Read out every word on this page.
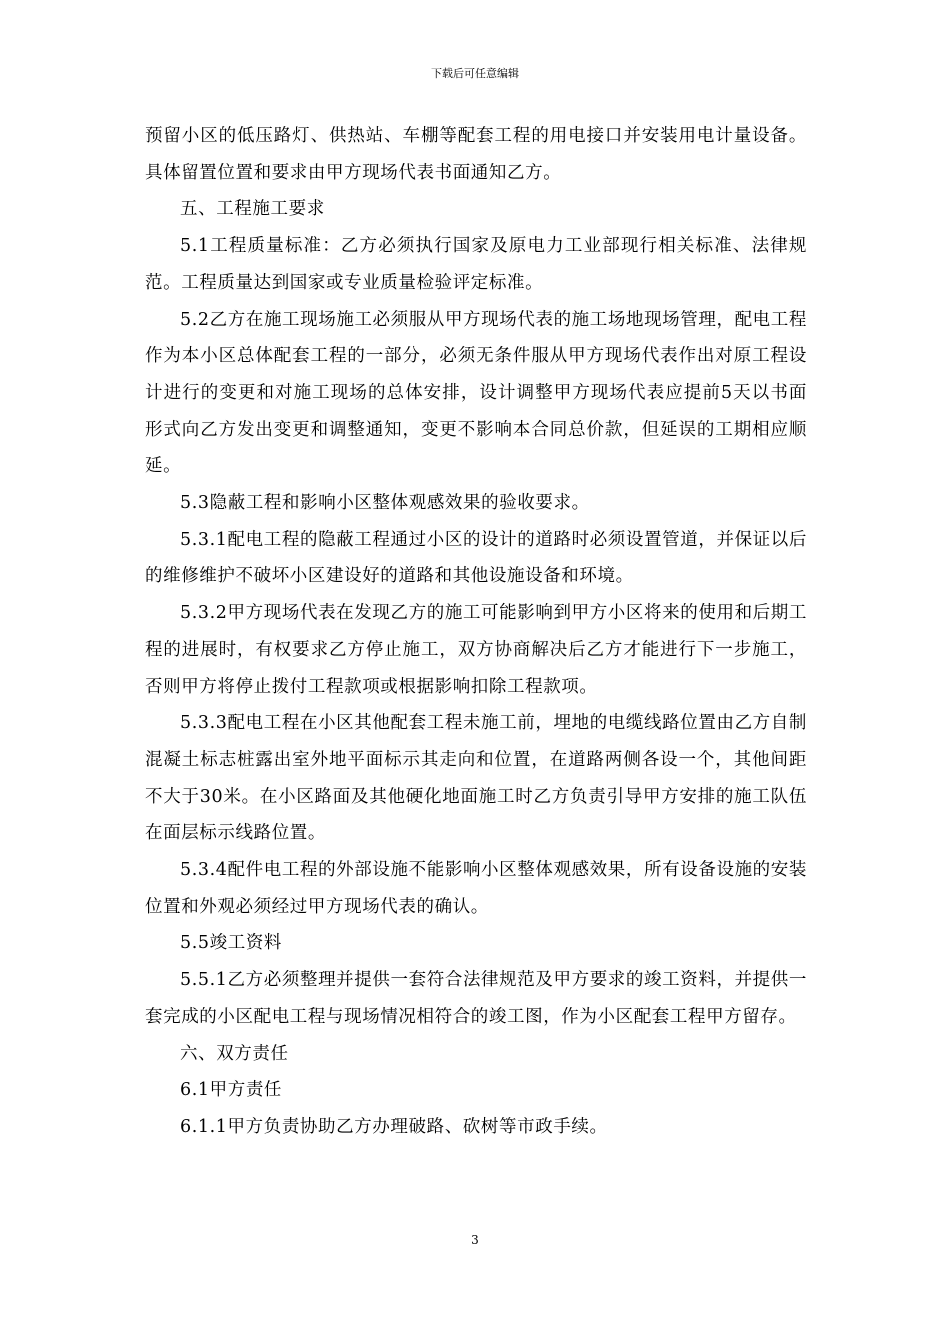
下载后可任意编辑

预留小区的低压路灯、供热站、车棚等配套工程的用电接口并安装用电计量设备。具体留置位置和要求由甲方现场代表书面通知乙方。

五、工程施工要求

5.1工程质量标准：乙方必须执行国家及原电力工业部现行相关标准、法律规范。工程质量达到国家或专业质量检验评定标准。

5.2乙方在施工现场施工必须服从甲方现场代表的施工场地现场管理，配电工程作为本小区总体配套工程的一部分，必须无条件服从甲方现场代表作出对原工程设计进行的变更和对施工现场的总体安排，设计调整甲方现场代表应提前5天以书面形式向乙方发出变更和调整通知，变更不影响本合同总价款，但延误的工期相应顺延。

5.3隐蔽工程和影响小区整体观感效果的验收要求。

5.3.1配电工程的隐蔽工程通过小区的设计的道路时必须设置管道，并保证以后的维修维护不破坏小区建设好的道路和其他设施设备和环境。

5.3.2甲方现场代表在发现乙方的施工可能影响到甲方小区将来的使用和后期工程的进展时，有权要求乙方停止施工，双方协商解决后乙方才能进行下一步施工，否则甲方将停止拨付工程款项或根据影响扣除工程款项。

5.3.3配电工程在小区其他配套工程未施工前，埋地的电缆线路位置由乙方自制混凝土标志桩露出室外地平面标示其走向和位置，在道路两侧各设一个，其他间距不大于30米。在小区路面及其他硬化地面施工时乙方负责引导甲方安排的施工队伍在面层标示线路位置。

5.3.4配件电工程的外部设施不能影响小区整体观感效果，所有设备设施的安装位置和外观必须经过甲方现场代表的确认。

5.5竣工资料

5.5.1乙方必须整理并提供一套符合法律规范及甲方要求的竣工资料，并提供一套完成的小区配电工程与现场情况相符合的竣工图，作为小区配套工程甲方留存。

六、双方责任

6.1甲方责任

6.1.1甲方负责协助乙方办理破路、砍树等市政手续。

3
